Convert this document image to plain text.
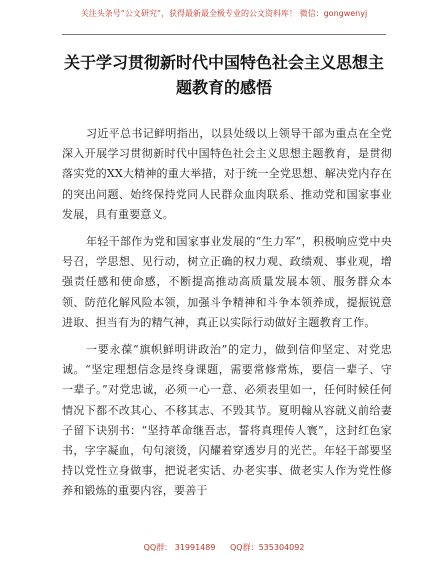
关注头条号“公文研究”，获得最新最全极专业的公文资料库！ 微信：gongwenyj
关于学习贯彻新时代中国特色社会主义思想主题教育的感悟

习近平总书记鲜明指出，以县处级以上领导干部为重点在全党深入开展学习贯彻新时代中国特色社会主义思想主题教育，是贯彻落实党的XX大精神的重大举措，对于统一全党思想、解决党内存在的突出问题、始终保持党同人民群众血肉联系、推动党和国家事业发展，具有重要意义。

年轻干部作为党和国家事业发展的“生力军”，积极响应党中央号召，学思想、见行动，树立正确的权力观、政绩观、事业观，增强责任感和使命感，不断提高推动高质量发展本领、服务群众本领、防范化解风险本领，加强斗争精神和斗争本领养成，提振锐意进取、担当有为的精气神，真正以实际行动做好主题教育工作。

一要永葆“旗帜鲜明讲政治”的定力，做到信仰坚定、对党忠诚。“坚定理想信念是终身课题，需要常修常炼，要信一辈子、守一辈子。”对党忠诚，必须一心一意、必须表里如一，任何时候任何情况下都不改其心、不移其志、不毁其节。夏明翰从容就义前给妻子留下诀别书：“坚持革命继吾志，誓将真理传人寰”，这封红色家书，字字凝血，句句滚烫，闪耀着穿透岁月的光芒。年轻干部要坚持以党性立身做事，把说老实话、办老实事、做老实人作为党性修养和锻炼的重要内容，要善于

QQ群： 31991489 QQ群：535304092
